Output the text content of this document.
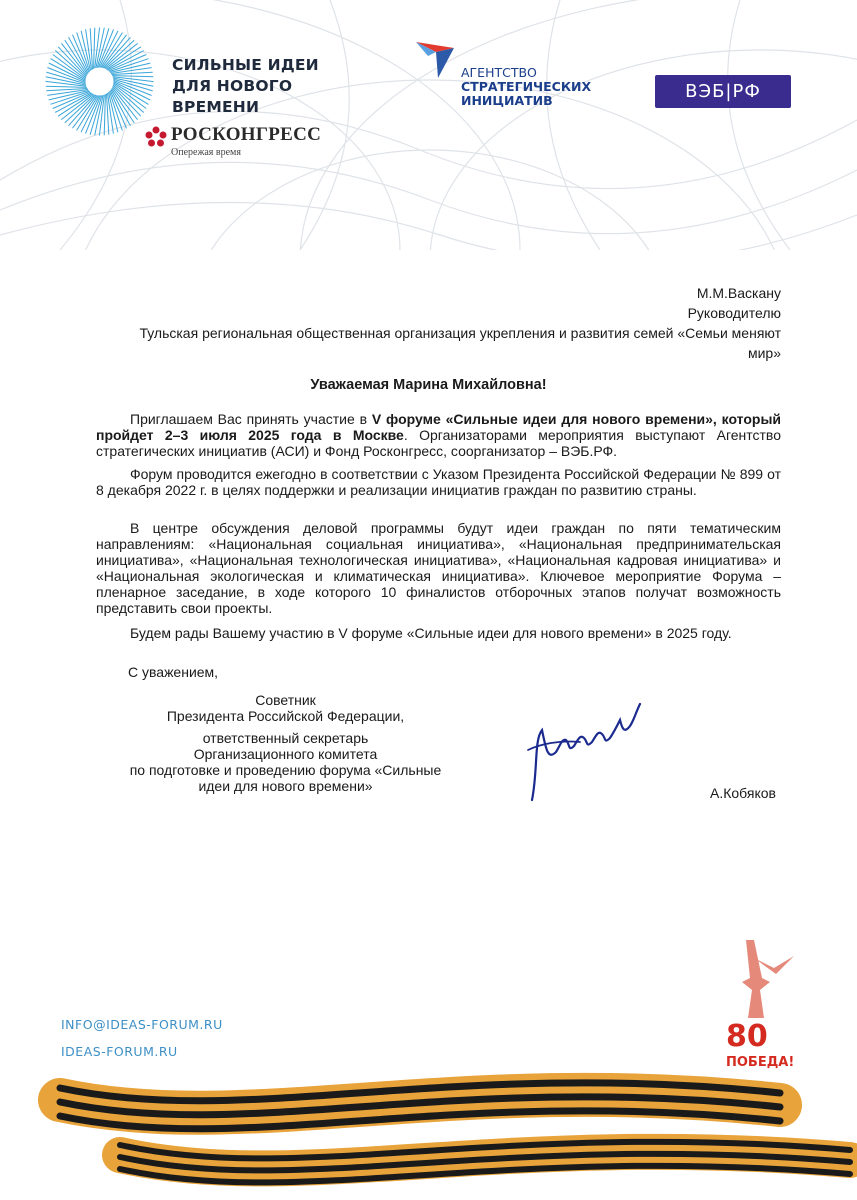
СИЛЬНЫЕ ИДЕИ
ДЛЯ НОВОГО
ВРЕМЕНИ
РОСКОНГРЕСС
Опережая время
АГЕНТСТВО
СТРАТЕГИЧЕСКИХ
ИНИЦИАТИВ	ВЭБ|РФ
М.М.Васкану
Руководителю
Тульская региональная общественная организация укрепления и развития семей «Семьи меняют
мир»
Уважаемая Марина Михайловна!

Приглашаем Вас принять участие в V форуме «Сильные идеи для нового времени», который пройдет 2–3 июля 2025 года в Москве. Организаторами мероприятия выступают Агентство стратегических инициатив (АСИ) и Фонд Росконгресс, соорганизатор – ВЭБ.РФ.

Форум проводится ежегодно в соответствии с Указом Президента Российской Федерации № 899 от 8 декабря 2022 г. в целях поддержки и реализации инициатив граждан по развитию страны.

В центре обсуждения деловой программы будут идеи граждан по пяти тематическим направлениям: «Национальная социальная инициатива», «Национальная предпринимательская инициатива», «Национальная технологическая инициатива», «Национальная кадровая инициатива» и «Национальная экологическая и климатическая инициатива». Ключевое мероприятие Форума – пленарное заседание, в ходе которого 10 финалистов отборочных этапов получат возможность представить свои проекты.

Будем рады Вашему участию в V форуме «Сильные идеи для нового времени» в 2025 году.

С уважением,
Советник
Президента Российской Федерации,
ответственный секретарь
Организационного комитета
по подготовке и проведению форума «Сильные
идеи для нового времени»	А.Кобяков
INFO@IDEAS-FORUM.RU
IDEAS-FORUM.RU	80
ПОБЕДА!
